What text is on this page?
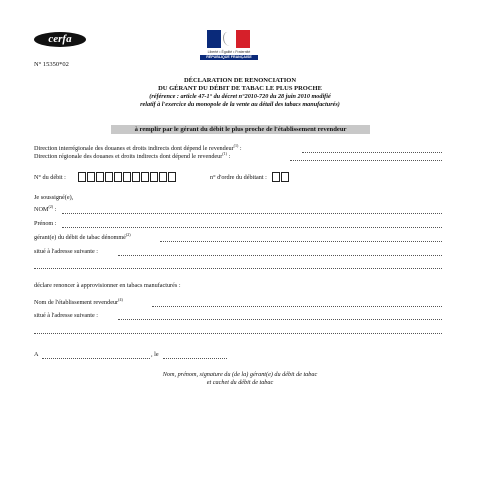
cerfa
Liberté • Égalité • Fraternité
RÉPUBLIQUE FRANÇAISE
N° 15350*02
DÉCLARATION DE RENONCIATION
DU GÉRANT DU DÉBIT DE TABAC LE PLUS PROCHE
(référence : article 47-1° du décret n°2010-720 du 28 juin 2010 modifié
relatif à l'exercice du monopole de la vente au détail des tabacs manufacturés)
à remplir par le gérant du débit le plus proche de l'établissement revendeur
Direction interrégionale des douanes et droits indirects dont dépend le revendeur$^{(1)}$ :
Direction régionale des douanes et droits indirects dont dépend le revendeur$^{(1)}$ :
N° du débit :	n° d'ordre du débitant :
Je soussigné(e),
NOM$^{(2)}$ :
Prénom :
gérant(e) du débit de tabac dénommé$^{(2)}$
situé à l'adresse suivante :
déclare renoncer à approvisionner en tabacs manufacturés :
Nom de l'établissement revendeur$^{(4)}$
situé à l'adresse suivante :
A	, le
Nom, prénom, signature du (de la) gérant(e) du débit de tabac
et cachet du débit de tabac
